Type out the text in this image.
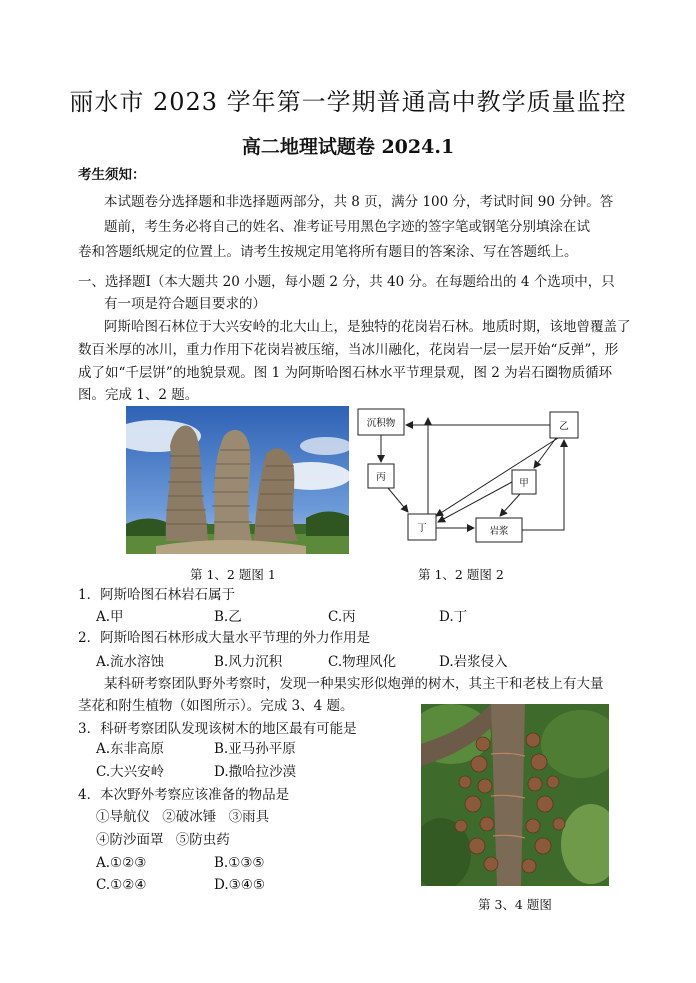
丽水市 2023 学年第一学期普通高中教学质量监控
高二地理试题卷 2024.1
考生须知：
本试题卷分选择题和非选择题两部分，共 8 页，满分 100 分，考试时间 90 分钟。答
题前，考生务必将自己的姓名、准考证号用黑色字迹的签字笔或钢笔分别填涂在试
卷和答题纸规定的位置上。请考生按规定用笔将所有题目的答案涂、写在答题纸上。
一、选择题Ⅰ（本大题共 20 小题，每小题 2 分，共 40 分。在每题给出的 4 个选项中，只
有一项是符合题目要求的）
阿斯哈图石林位于大兴安岭的北大山上，是独特的花岗岩石林。地质时期，该地曾覆盖了
数百米厚的冰川，重力作用下花岗岩被压缩，当冰川融化，花岗岩一层一层开始“反弹”，形
成了如“千层饼”的地貌景观。图 1 为阿斯哈图石林水平节理景观，图 2 为岩石圈物质循环
图。完成 1、2 题。
沉积物
丙
丁	岩浆
甲
乙
第 1、2 题图 1	第 1、2 题图 2
1．阿斯哈图石林岩石属于
A.甲	B.乙	C.丙	D.丁
2．阿斯哈图石林形成大量水平节理的外力作用是
A.流水溶蚀	B.风力沉积	C.物理风化	D.岩浆侵入
某科研考察团队野外考察时，发现一种果实形似炮弹的树木，其主干和老枝上有大量
茎花和附生植物（如图所示）。完成 3、4 题。
3．科研考察团队发现该树木的地区最有可能是
A.东非高原	B.亚马孙平原
C.大兴安岭	D.撒哈拉沙漠
4．本次野外考察应该准备的物品是
①导航仪 ②破冰锤 ③雨具
④防沙面罩 ⑤防虫药
A.①②③	B.①③⑤
C.①②④	D.③④⑤
第 3、4 题图
